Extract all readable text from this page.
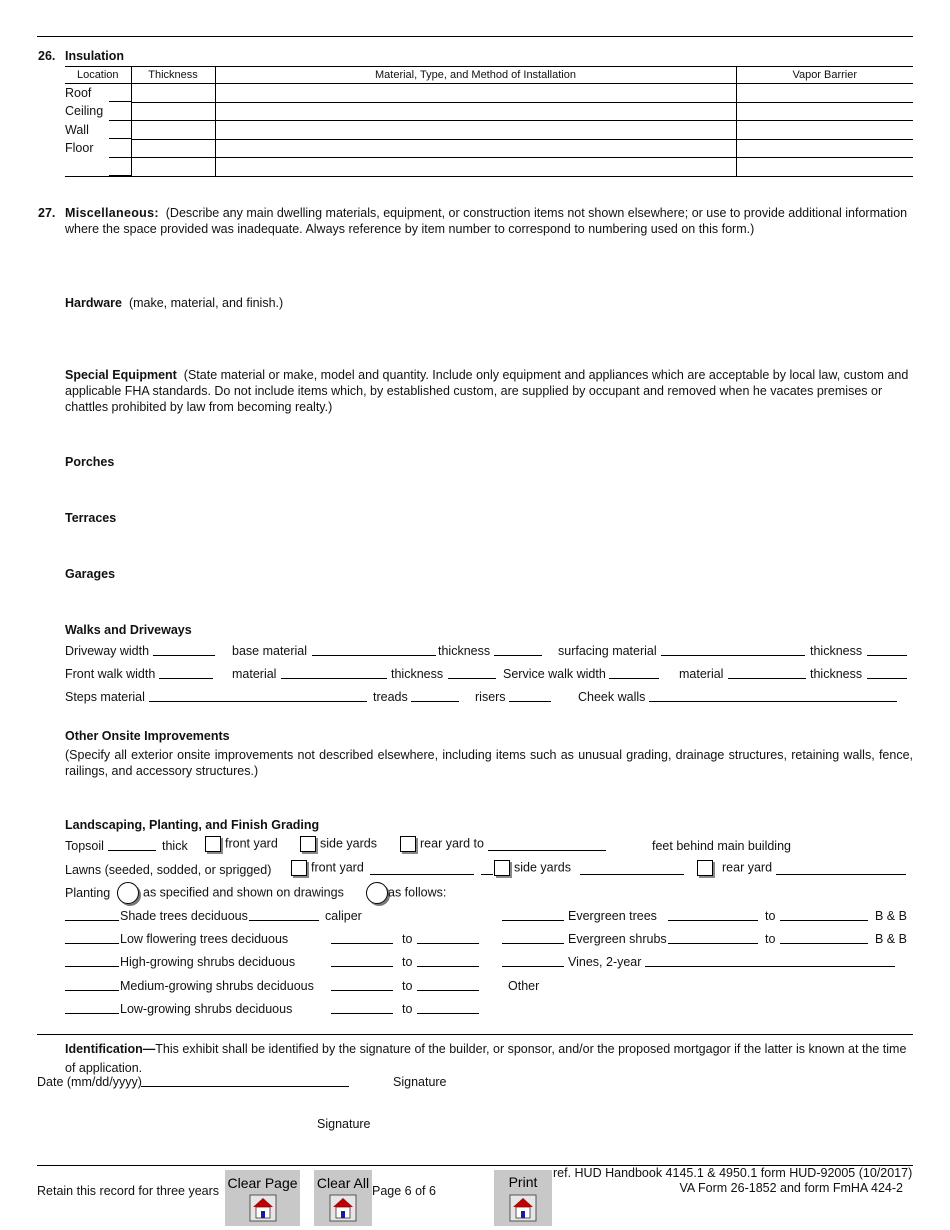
26. Insulation
Location	Thickness	Material, Type, and Method of Installation	Vapor Barrier
Roof

Ceiling

Wall

Floor

27. Miscellaneous: (Describe any main dwelling materials, equipment, or construction items not shown elsewhere; or use to provide additional information where the space provided was inadequate. Always reference by item number to correspond to numbering used on this form.)
Hardware (make, material, and finish.)
Special Equipment (State material or make, model and quantity. Include only equipment and appliances which are acceptable by local law, custom and applicable FHA standards. Do not include items which, by established custom, are supplied by occupant and removed when he vacates premises or chattles prohibited by law from becoming realty.)
Porches
Terraces
Garages
Walks and Driveways
Driveway width	base material	thickness	surfacing material	thickness
Front walk width	material	thickness	Service walk width	material	thickness
Steps material	treads	risers	Cheek walls
Other Onsite Improvements
(Specify all exterior onsite improvements not described elsewhere, including items such as unusual grading, drainage structures, retaining walls, fence, railings, and accessory structures.)
Landscaping, Planting, and Finish Grading
Topsoil	thick	front yard	side yards	rear yard to	feet behind main building
Lawns (seeded, sodded, or sprigged)	front yard	side yards	rear yard
Planting	as specified and shown on drawings	as follows:
Shade trees deciduous	caliper
Low flowering trees deciduous	to
High-growing shrubs deciduous	to
Medium-growing shrubs deciduous	to
Low-growing shrubs deciduous	to
Evergreen trees	to	B & B
Evergreen shrubs	to	B & B
Vines, 2-year
Other
Identification—This exhibit shall be identified by the signature of the builder, or sponsor, and/or the proposed mortgagor if the latter is known at the time of application.
Date (mm/dd/yyyy)	Signature
Signature
Retain this record for three years Clear Page Clear All Page 6 of 6
Print
ref. HUD Handbook 4145.1 & 4950.1 form HUD-92005 (10/2017)
VA Form 26-1852 and form FmHA 424-2
